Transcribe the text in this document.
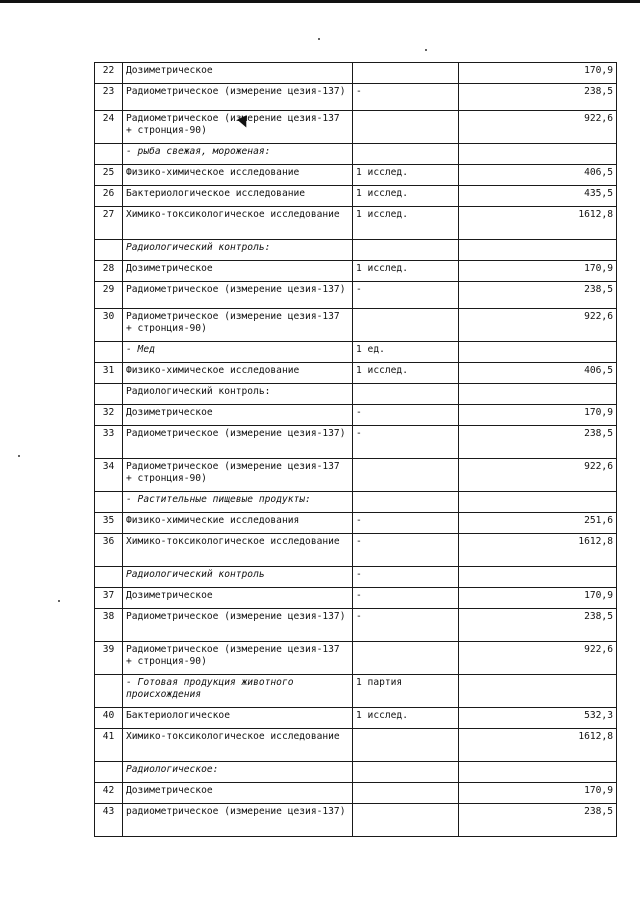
22	Дозиметрическое		170,9
23	Радиометрическое (измерение цезия-137)	-	238,5
24	Радиометрическое (измерение цезия-137 + стронция-90)		922,6
	- рыба свежая, мороженая:		
25	Физико-химическое исследование	1 исслед.	406,5
26	Бактериологическое исследование	1 исслед.	435,5
27	Химико-токсикологическое исследование	1 исслед.	1612,8
	Радиологический контроль:		
28	Дозиметрическое	1 исслед.	170,9
29	Радиометрическое (измерение цезия-137)	-	238,5
30	Радиометрическое (измерение цезия-137 + стронция-90)		922,6
	- Мед	1 ед.	
31	Физико-химическое исследование	1 исслед.	406,5
	Радиологический контроль:		
32	Дозиметрическое	-	170,9
33	Радиометрическое (измерение цезия-137)	-	238,5
34	Радиометрическое (измерение цезия-137 + стронция-90)		922,6
	- Растительные пищевые продукты:		
35	Физико-химические исследования	-	251,6
36	Химико-токсикологическое исследование	-	1612,8
	Радиологический контроль	-	
37	Дозиметрическое	-	170,9
38	Радиометрическое (измерение цезия-137)	-	238,5
39	Радиометрическое (измерение цезия-137 + стронция-90)		922,6
	- Готовая продукция животного происхождения	1 партия	
40	Бактериологическое	1 исслед.	532,3
41	Химико-токсикологическое исследование		1612,8
	Радиологическое:		
42	Дозиметрическое		170,9
43	радиометрическое (измерение цезия-137)		238,5
